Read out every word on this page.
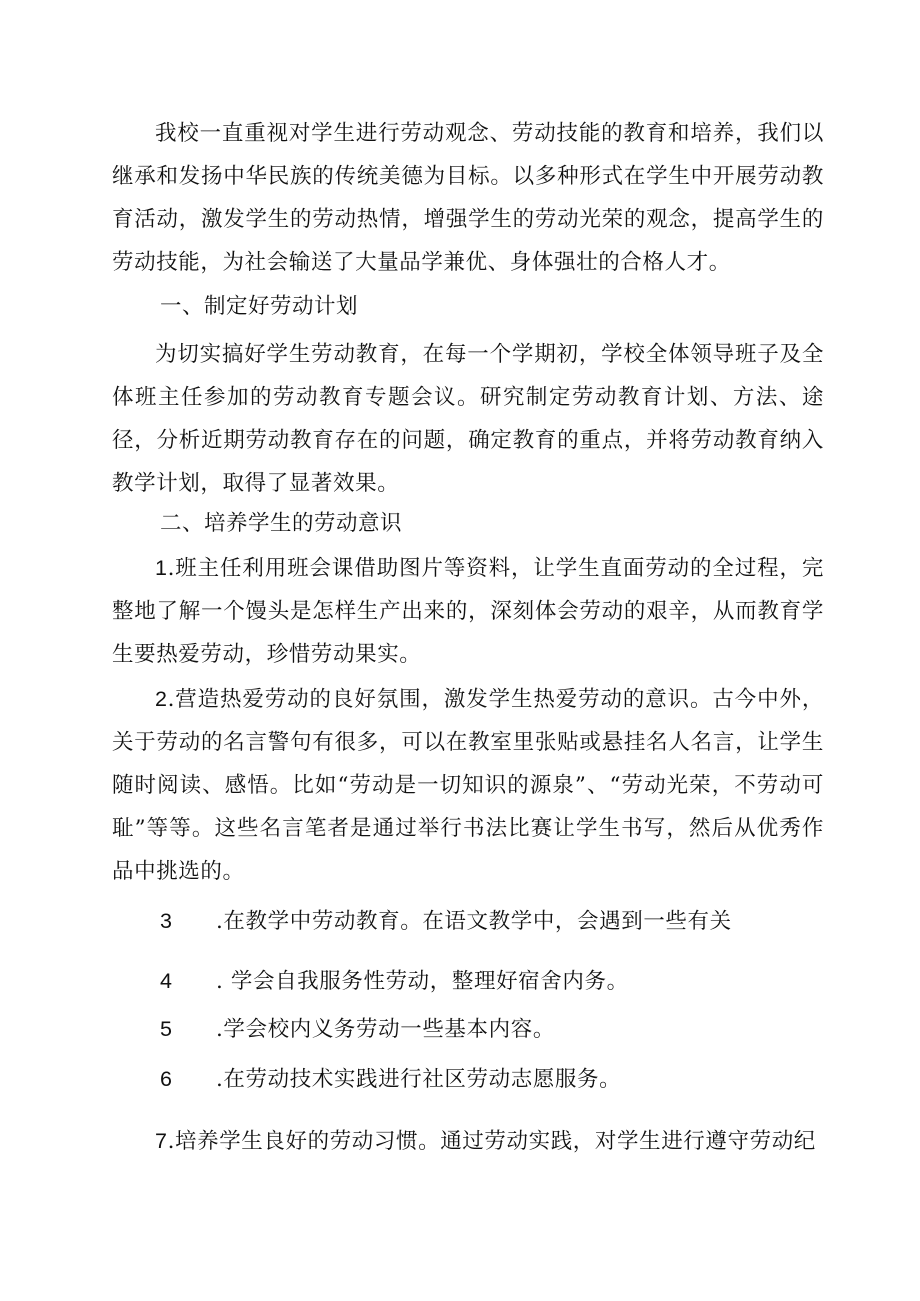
我校一直重视对学生进行劳动观念、劳动技能的教育和培养，我们以继承和发扬中华民族的传统美德为目标。以多种形式在学生中开展劳动教育活动，激发学生的劳动热情，增强学生的劳动光荣的观念，提高学生的劳动技能，为社会输送了大量品学兼优、身体强壮的合格人才。

一、制定好劳动计划

为切实搞好学生劳动教育，在每一个学期初，学校全体领导班子及全体班主任参加的劳动教育专题会议。研究制定劳动教育计划、方法、途径，分析近期劳动教育存在的问题，确定教育的重点，并将劳动教育纳入教学计划，取得了显著效果。

二、培养学生的劳动意识

1.班主任利用班会课借助图片等资料，让学生直面劳动的全过程，完整地了解一个馒头是怎样生产出来的，深刻体会劳动的艰辛，从而教育学生要热爱劳动，珍惜劳动果实。

2.营造热爱劳动的良好氛围，激发学生热爱劳动的意识。古今中外，关于劳动的名言警句有很多，可以在教室里张贴或悬挂名人名言，让学生随时阅读、感悟。比如“劳动是一切知识的源泉”、“劳动光荣，不劳动可耻”等等。这些名言笔者是通过举行书法比赛让学生书写，然后从优秀作品中挑选的。

3 .在教学中劳动教育。在语文教学中，会遇到一些有关

4 . 学会自我服务性劳动，整理好宿舍内务。

5 .学会校内义务劳动一些基本内容。

6 .在劳动技术实践进行社区劳动志愿服务。

7.培养学生良好的劳动习惯。通过劳动实践，对学生进行遵守劳动纪
